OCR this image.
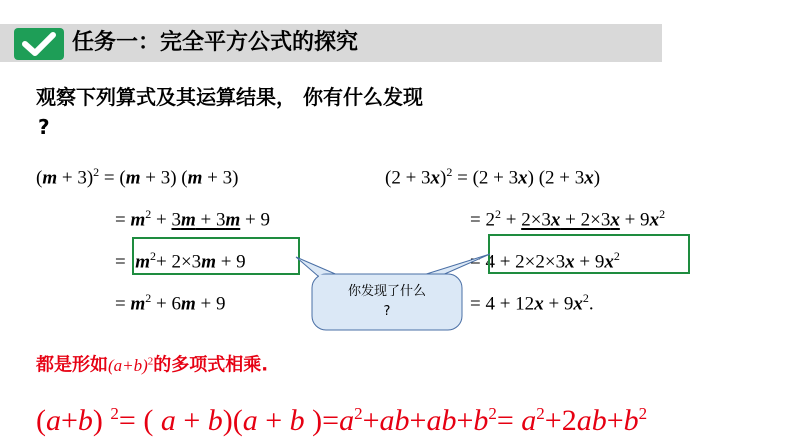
任务一：完全平方公式的探究
观察下列算式及其运算结果， 你有什么发现
?
$(m + 3)^2 = (m + 3)$ (m + 3)
= $m^2 + 3m + 3m + 9$
=  $m^2+ 2\times 3m + 9$
= $m^2 + 6m + 9$
$(2 + 3x)^2 = (2 + 3x)$ (2 + 3x)
= $2^2 + 2\times 3x + 2\times 3x + 9x^2$
= $4 + 2\times 2\times 3x + 9x^2$
= $4 + 12x + 9x^2$.
你发现了什么
?
都是形如$(a+b)^2$的多项式相乘.
(a+b) $^2$= ( a + b)(a + b )$=a^2+ab+ab+b^2= a^2+2ab+b^2$
